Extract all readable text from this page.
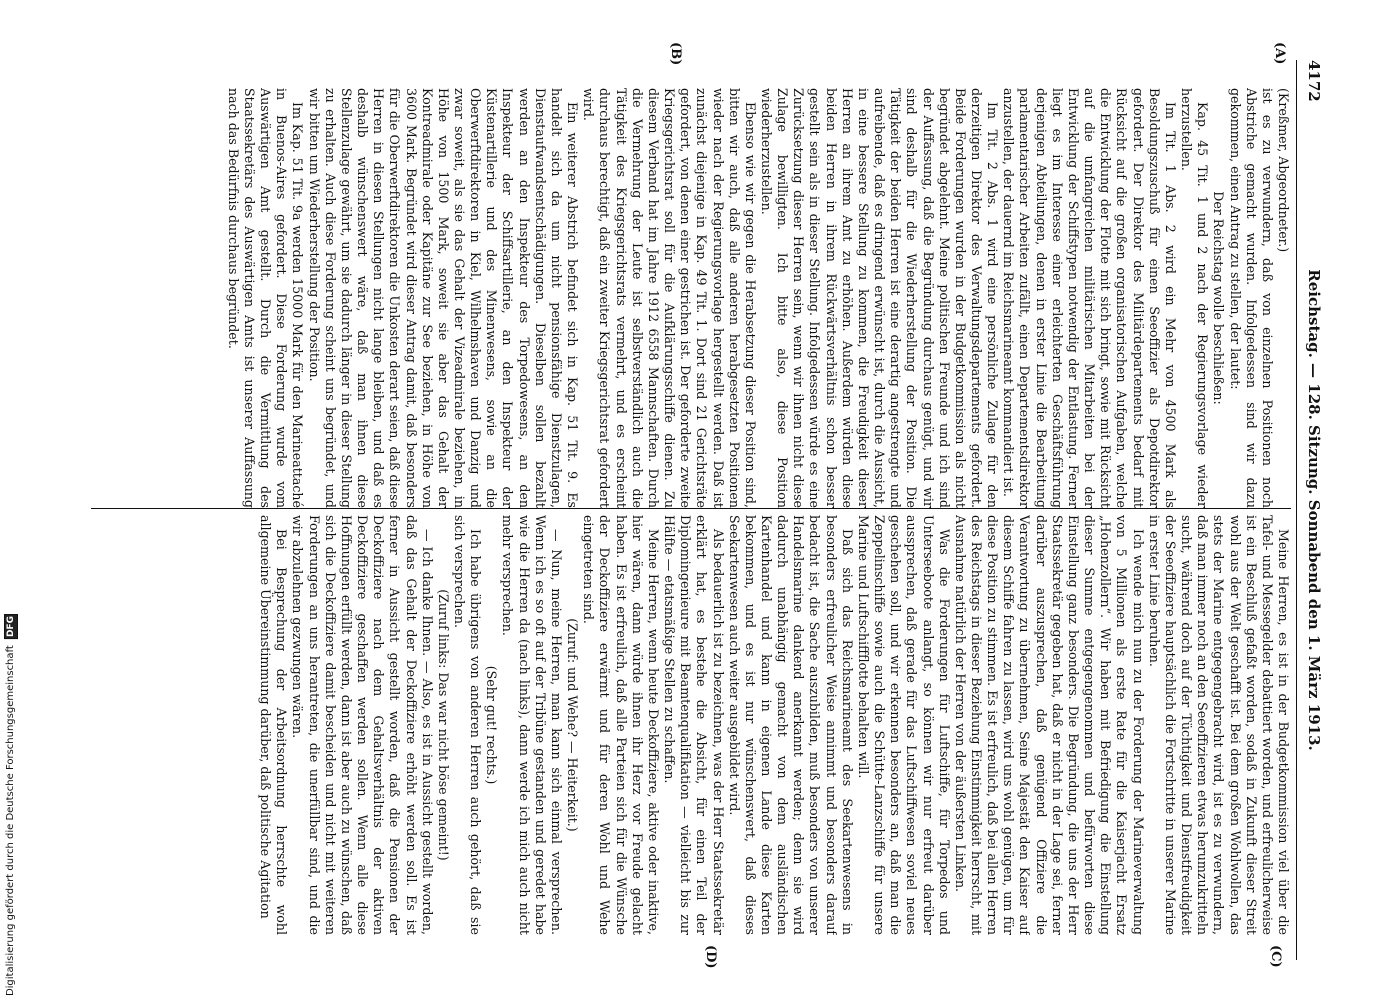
4172
Reichstag. — 128. Sitzung. Sonnabend den 1. März 1913.
(A)
(B)
(C)
(D)

(Kreßmer, Abgeordneter.)

ist es zu verwundern, daß von einzelnen Positionen noch Abstriche gemacht wurden. Infolgedessen sind wir dazu gekommen, einen Antrag zu stellen, der lautet:

Der Reichstag wolle beschließen:

Kap. 45 Tit. 1 und 2 nach der Regierungsvorlage wieder herzustellen.

Im Tit. 1 Abs. 2 wird ein Mehr von 4500 Mark als Besoldungszuschuß für einen Seeoffizier als Depotdirektor gefordert. Der Direktor des Militärdepartements bedarf mit Rücksicht auf die großen organisatorischen Aufgaben, welche die Entwicklung der Flotte mit sich bringt, sowie mit Rücksicht auf die umfangreichen militärischen Mitarbeiten bei der Entwicklung der Schiffstypen notwendig der Entlastung. Ferner liegt es im Interesse einer erleichterten Geschäftsführung derjenigen Abteilungen, denen in erster Linie die Bearbeitung parlamentarischer Arbeiten zufällt, einen Departementsdirektor anzustellen, der dauernd im Reichsmarineamt kommandiert ist.

Im Tit. 2 Abs. 1 wird eine persönliche Zulage für den derzeitigen Direktor des Verwaltungsdepartements gefordert. Beide Forderungen wurden in der Budgetkommission als nicht begründet abgelehnt. Meine politischen Freunde und ich sind der Auffassung, daß die Begründung durchaus genügt, und wir sind deshalb für die Wiederherstellung der Position. Die Tätigkeit der beiden Herren ist eine derartig angestrengte und aufreibende, daß es dringend erwünscht ist, durch die Aussicht, in eine bessere Stellung zu kommen, die Freudigkeit dieser Herren an ihrem Amt zu erhöhen. Außerdem würden diese beiden Herren in ihrem Rückwärtsverhältnis schon besser gestellt sein als in dieser Stellung. Infolgedessen würde es eine Zurücksetzung dieser Herren sein, wenn wir ihnen nicht diese Zulage bewilligten. Ich bitte also, diese Position wiederherzustellen.

Ebenso wie wir gegen die Herabsetzung dieser Position sind, bitten wir auch, daß alle anderen herabgesetzten Positionen wieder nach der Regierungsvorlage hergestellt werden. Daß ist zunächst diejenige in Kap. 49 Tit. 1. Dort sind 21 Gerichtsräte gefordert, von denen einer gestrichen ist. Der geforderte zweite Kriegsgerichtsrat soll für die Aufklärungsschiffe dienen. Zu diesem Verband hat im Jahre 1912 6558 Mannschaften. Durch die Vermehrung der Leute ist selbstverständlich auch die Tätigkeit des Kriegsgerichtsrats vermehrt, und es erscheint durchaus berechtigt, daß ein zweiter Kriegsgerichtsrat gefordert wird.

Ein weiterer Abstrich befindet sich in Kap. 51 Tit. 9. Es handelt sich da um nicht pensionsfähige Dienstzulagen, Dienstaufwandsentschädigungen. Dieselben sollen bezahlt werden an den Inspekteur des Torpedowesens, an den Inspekteur der Schiffsartillerie, an den Inspekteur der Küstenartillerie und des Minenwesens, sowie an die Oberwerftdirektoren in Kiel, Wilhelmshaven und Danzig und zwar soweit, als sie das Gehalt der Vizeadmirale beziehen, in Höhe von 1500 Mark, soweit sie aber das Gehalt der Kontreadmirale oder Kapitäne zur See beziehen, in Höhe von 3600 Mark. Begründet wird dieser Antrag damit, daß besonders für die Oberwerftdirektoren die Unkosten derart seien, daß diese Herren in diesen Stellungen nicht lange bleiben, und daß es deshalb wünschenswert wäre, daß man ihnen diese Stellenzulage gewährt, um sie dadurch länger in dieser Stellung zu erhalten. Auch diese Forderung scheint uns begründet, und wir bitten um Wiederherstellung der Position.

Im Kap. 51 Tit. 9a werden 15000 Mark für den Marineattaché in Buenos-Aires gefordert. Diese Forderung wurde vom Auswärtigen Amt gestellt. Durch die Vermittlung des Staatssekretärs des Auswärtigen Amts ist unserer Auffassung nach das Bedürfnis durchaus begründet.

Meine Herren, es ist in der Budgetkommission viel über die Tafel- und Messegelder debattiert worden, und erfreulicherweise ist ein Beschluß gefaßt worden, sodaß in Zukunft dieser Streit wohl aus der Welt geschafft ist. Bei dem großen Wohlwollen, das stets der Marine entgegengebracht wird, ist es zu verwundern, daß man immer noch an den Seeoffizieren etwas herumzukritteln sucht, während doch auf der Tüchtigkeit und Dienstfreudigkeit der Seeoffiziere hauptsächlich die Fortschritte in unserer Marine in erster Linie beruhen.

Ich wende mich nun zu der Forderung der Marineverwaltung von 5 Millionen als erste Rate für die Kaiserjacht Ersatz „Hohenzollern“. Wir haben mit Befriedigung die Einstellung dieser Summe entgegengenommen und befürworten diese Einstellung ganz besonders. Die Begründung, die uns der Herr Staatssekretär gegeben hat, daß er nicht in der Lage sei, ferner darüber auszusprechen, daß genügend Offiziere die Verantwortung zu übernehmen, Seine Majestät den Kaiser auf diesem Schiffe fahren zu lassen, wird uns wohl genügen, um für diese Position zu stimmen. Es ist erfreulich, daß bei allen Herren des Reichstags in dieser Beziehung Einstimmigkeit herrscht, mit Ausnahme natürlich der Herren von der äußersten Linken.

Was die Forderungen für Luftschiffe, für Torpedos und Unterseeboote anlangt, so können wir nur erfreut darüber aussprechen, daß gerade für das Luftschiffwesen soviel neues geschehen soll, und wir erkennen besonders an, daß man die Zeppelinschiffe sowie auch die Schütte-Lanzschiffe für unsere Marine und Luftschiffflotte behalten will.

Daß sich das Reichsmarineamt des Seekartenwesens in besonders erfreulicher Weise annimmt und besonders darauf bedacht ist, die Sache auszubilden, muß besonders von unserer Handelsmarine dankend anerkannt werden; denn sie wird dadurch unabhängig gemacht von dem ausländischen Kartenhandel und kann in eigenen Lande diese Karten bekommen, und es ist nur wünschenswert, daß dieses Seekartenwesen auch weiter ausgebildet wird.

Als bedauerlich ist zu bezeichnen, was der Herr Staatssekretär erklärt hat, es bestehe die Absicht, für einen Teil der Diplomingenieure mit Beamtenqualifikation — vielleicht bis zur Hälfte — etatsmäßige Stellen zu schaffen.

Meine Herren, wenn heute Deckoffiziere, aktive oder inaktive, hier wären, dann würde ihnen ihr Herz vor Freude gelacht haben. Es ist erfreulich, daß alle Parteien sich für die Wünsche der Deckoffiziere erwärmt und für deren Wohl und Wehe eingetreten sind.

(Zuruf: und Wehe? — Heiterkeit.)

— Nun, meine Herren, man kann sich einmal versprechen. Wenn ich es so oft auf der Tribüne gestanden und geredet habe wie die Herren da (nach links), dann werde ich mich auch nicht mehr versprechen.

(Sehr gut! rechts.)

Ich habe übrigens von anderen Herren auch gehört, daß sie sich versprechen.

(Zuruf links: Das war nicht böse gemeint!)

— Ich danke Ihnen. — Also, es ist in Aussicht gestellt worden, daß das Gehalt der Deckoffiziere erhöht werden soll. Es ist ferner in Aussicht gestellt worden, daß die Pensionen der Deckoffiziere nach dem Gehaltsverhältnis der aktiven Deckoffiziere geschaffen werden sollen. Wenn alle diese Hoffnungen erfüllt werden, dann ist aber auch zu wünschen, daß sich die Deckoffiziere damit bescheiden und nicht mit weiteren Forderungen an uns herantreten, die unerfüllbar sind, und die wir abzulehnen gezwungen wären.

Bei Besprechung der Arbeitsordnung herrschte wohl allgemeine Übereinstimmung darüber, daß politische Agitation

Digitalisierung gefördert durch die Deutsche Forschungsgemeinschaft DFG
